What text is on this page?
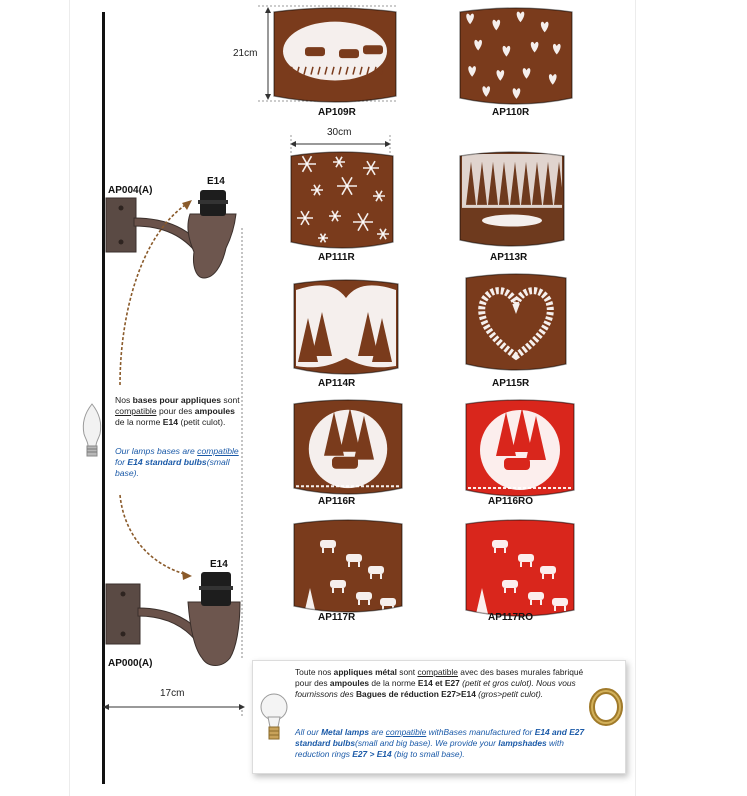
21cm
30cm
AP109R	AP110R
AP111R	AP113R
AP114R	AP115R
AP116R	AP116RO
AP117R	AP117RO
AP004(A)
E14
E14
AP000(A)
Nos bases pour appliques sont compatible pour des ampoules de la norme E14 (petit culot).
Our lamps bases are compatible for E14 standard bulbs(small base).
17cm
Toute nos appliques métal sont compatible avec des bases murales fabriqué pour des ampoules de la norme E14 et E27 (petit et gros culot). Nous vous fournissons des Bagues de réduction E27>E14 (gros>petit culot).
All our Metal lamps are compatible withBases manufactured for E14 and E27 standard bulbs(small and big base). We provide your lampshades with reduction rings E27 > E14 (big to small base).
